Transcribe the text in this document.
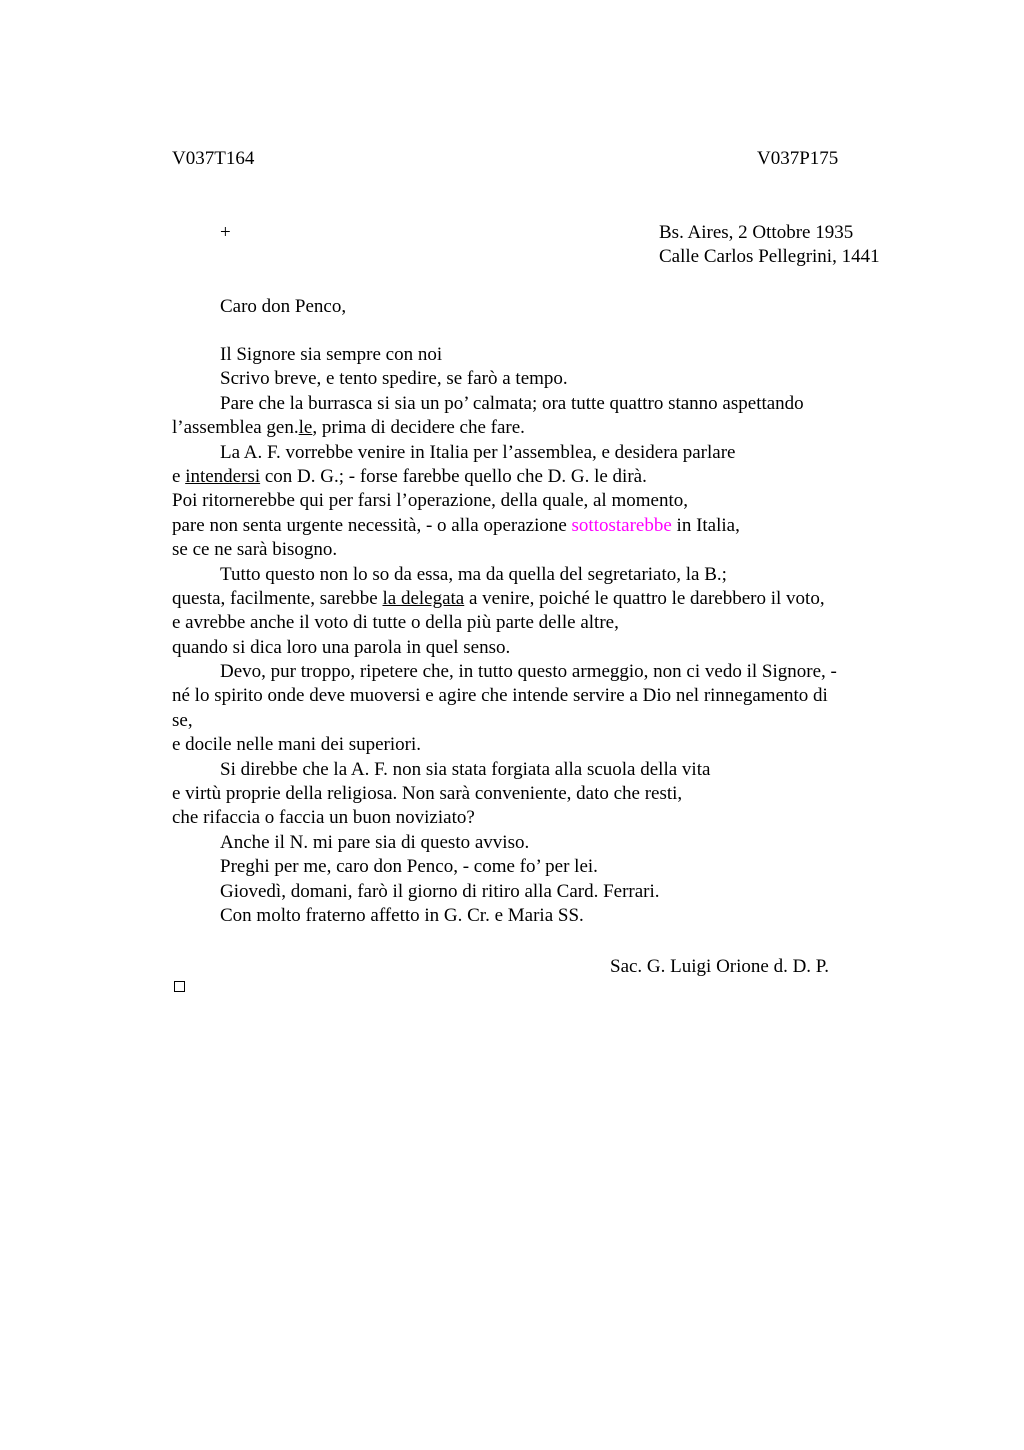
V037T164	V037P175
+	Bs. Aires, 2 Ottobre 1935
Calle Carlos Pellegrini, 1441
Caro don Penco,
Il Signore sia sempre con noi
Scrivo breve, e tento spedire, se farò a tempo.
Pare che la burrasca si sia un po’ calmata; ora tutte quattro stanno aspettando
l’assemblea gen.le, prima di decidere che fare.
La A. F. vorrebbe venire in Italia per l’assemblea, e desidera parlare
e intendersi con D. G.; - forse farebbe quello che D. G. le dirà.
Poi ritornerebbe qui per farsi l’operazione, della quale, al momento,
pare non senta urgente necessità, - o alla operazione sottostarebbe in Italia,
se ce ne sarà bisogno.
Tutto questo non lo so da essa, ma da quella del segretariato, la B.;
questa, facilmente, sarebbe la delegata a venire, poiché le quattro le darebbero il voto,
e avrebbe anche il voto di tutte o della più parte delle altre,
quando si dica loro una parola in quel senso.
Devo, pur troppo, ripetere che, in tutto questo armeggio, non ci vedo il Signore, -
né lo spirito onde deve muoversi e agire che intende servire a Dio nel rinnegamento di
se,
e docile nelle mani dei superiori.
Si direbbe che la A. F. non sia stata forgiata alla scuola della vita
e virtù proprie della religiosa. Non sarà conveniente, dato che resti,
che rifaccia o faccia un buon noviziato?
Anche il N. mi pare sia di questo avviso.
Preghi per me, caro don Penco, - come fo’ per lei.
Giovedì, domani, farò il giorno di ritiro alla Card. Ferrari.
Con molto fraterno affetto in G. Cr. e Maria SS.
Sac. G. Luigi Orione d. D. P.
